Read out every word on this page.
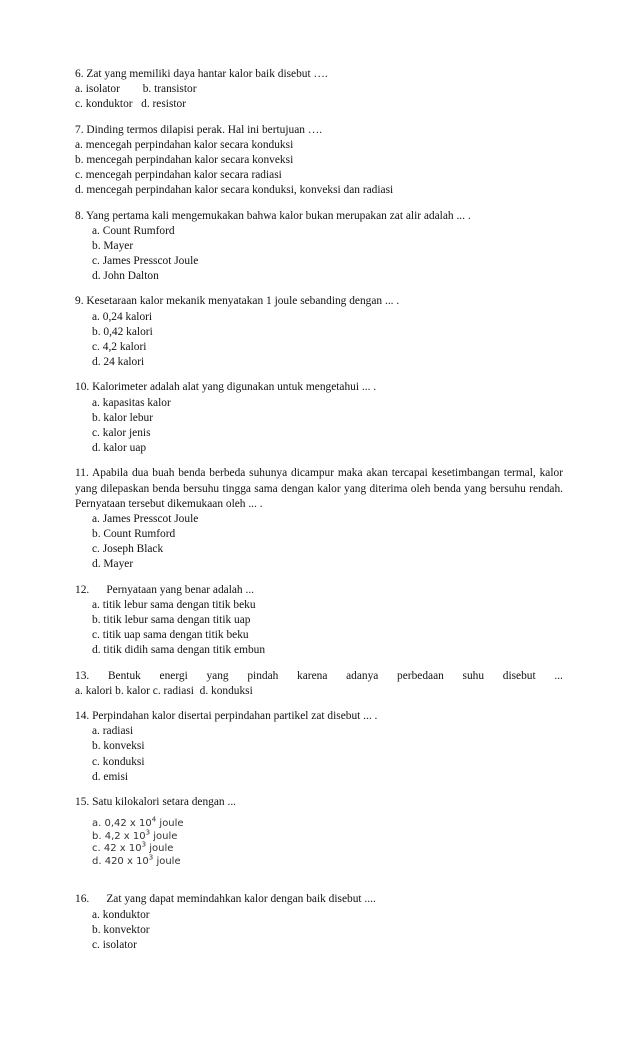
6. Zat yang memiliki daya hantar kalor baik disebut ….
a. isolator        b. transistor
c. konduktor   d. resistor
7. Dinding termos dilapisi perak. Hal ini bertujuan ….
a. mencegah perpindahan kalor secara konduksi
b. mencegah perpindahan kalor secara konveksi
c. mencegah perpindahan kalor secara radiasi
d. mencegah perpindahan kalor secara konduksi, konveksi dan radiasi
8. Yang pertama kali mengemukakan bahwa kalor bukan merupakan zat alir adalah ... .
a. Count Rumford
b. Mayer
c. James Presscot Joule
d. John Dalton
9. Kesetaraan kalor mekanik menyatakan 1 joule sebanding dengan ... .
a. 0,24 kalori
b. 0,42 kalori
c. 4,2 kalori
d. 24 kalori
10. Kalorimeter adalah alat yang digunakan untuk mengetahui ... .
a. kapasitas kalor
b. kalor lebur
c. kalor jenis
d. kalor uap
11. Apabila dua buah benda berbeda suhunya dicampur maka akan tercapai kesetimbangan termal, kalor yang dilepaskan benda bersuhu tingga sama dengan kalor yang diterima oleh benda yang bersuhu rendah. Pernyataan tersebut dikemukaan oleh ... .
a. James Presscot Joule
b. Count Rumford
c. Joseph Black
d. Mayer
12.      Pernyataan yang benar adalah ...
a. titik lebur sama dengan titik beku
b. titik lebur sama dengan titik uap
c. titik uap sama dengan titik beku
d. titik didih sama dengan titik embun
13. Bentuk energi yang pindah karena adanya perbedaan suhu disebut ...
a. kalori b. kalor c. radiasi  d. konduksi
14. Perpindahan kalor disertai perpindahan partikel zat disebut ... .
a. radiasi
b. konveksi
c. konduksi
d. emisi
15. Satu kilokalori setara dengan ...
a. 0,42 x $10^4$ joule
b. 4,2 x $10^3$ joule
c. 42 x $10^3$ joule
d. 420 x $10^3$ joule
16.      Zat yang dapat memindahkan kalor dengan baik disebut ....
a. konduktor
b. konvektor
c. isolator
